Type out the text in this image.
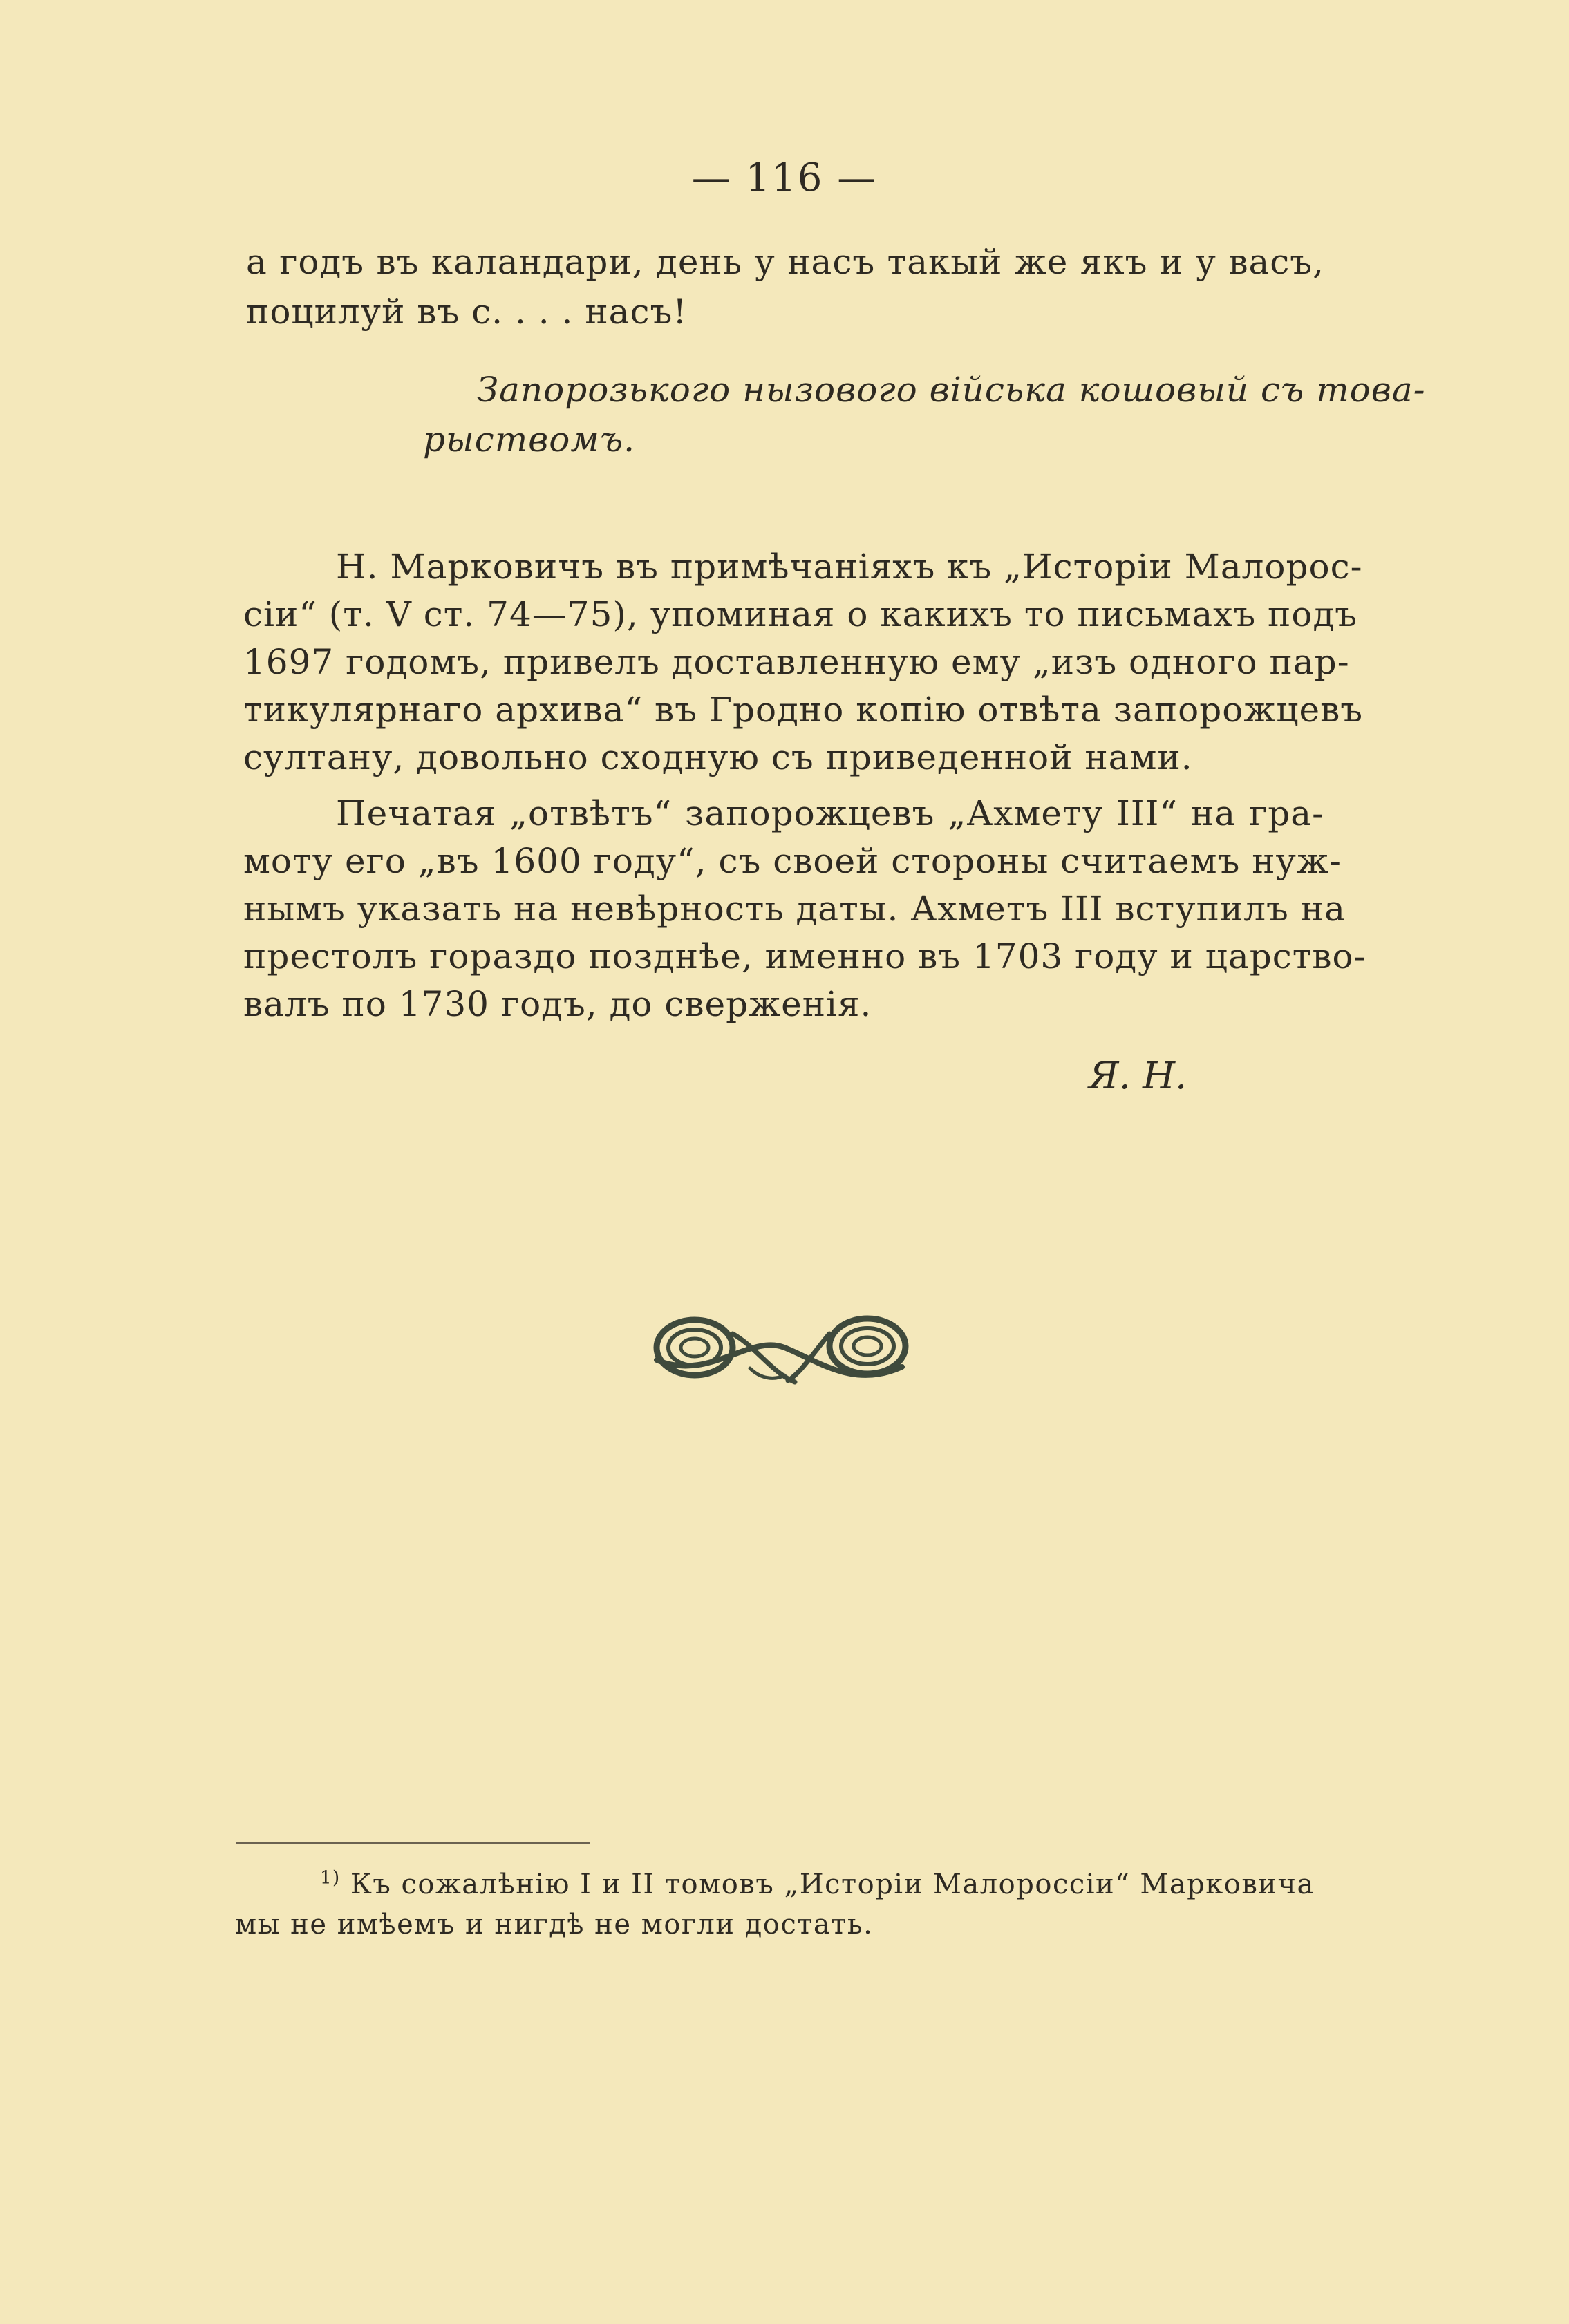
— 116 —
а годъ въ каландари, день у насъ такый же якъ и у васъ,
поцилуй въ с. . . . насъ!
Запорозького нызового війська кошовый съ това-
рыствомъ.
Н. Марковичъ въ примѣчаніяхъ къ „Исторіи Малорос-
сіи“ (т. V ст. 74—75), упоминая о какихъ то письмахъ подъ
1697 годомъ, привелъ доставленную ему „изъ одного пар-
тикулярнаго архива“ въ Гродно копію отвѣта запорожцевъ
султану, довольно сходную съ приведенной нами.
Печатая „отвѣтъ“ запорожцевъ „Ахмету III“ на гра-
моту его „въ 1600 году“, съ своей стороны считаемъ нуж-
нымъ указать на невѣрность даты. Ахметъ III вступилъ на
престолъ гораздо позднѣе, именно въ 1703 году и царство-
валъ по 1730 годъ, до сверженія.
Я. Н.
$^{1)}$ Къ сожалѣнію I и II томовъ „Исторіи Малороссіи“ Марковича
мы не имѣемъ и нигдѣ не могли достать.
